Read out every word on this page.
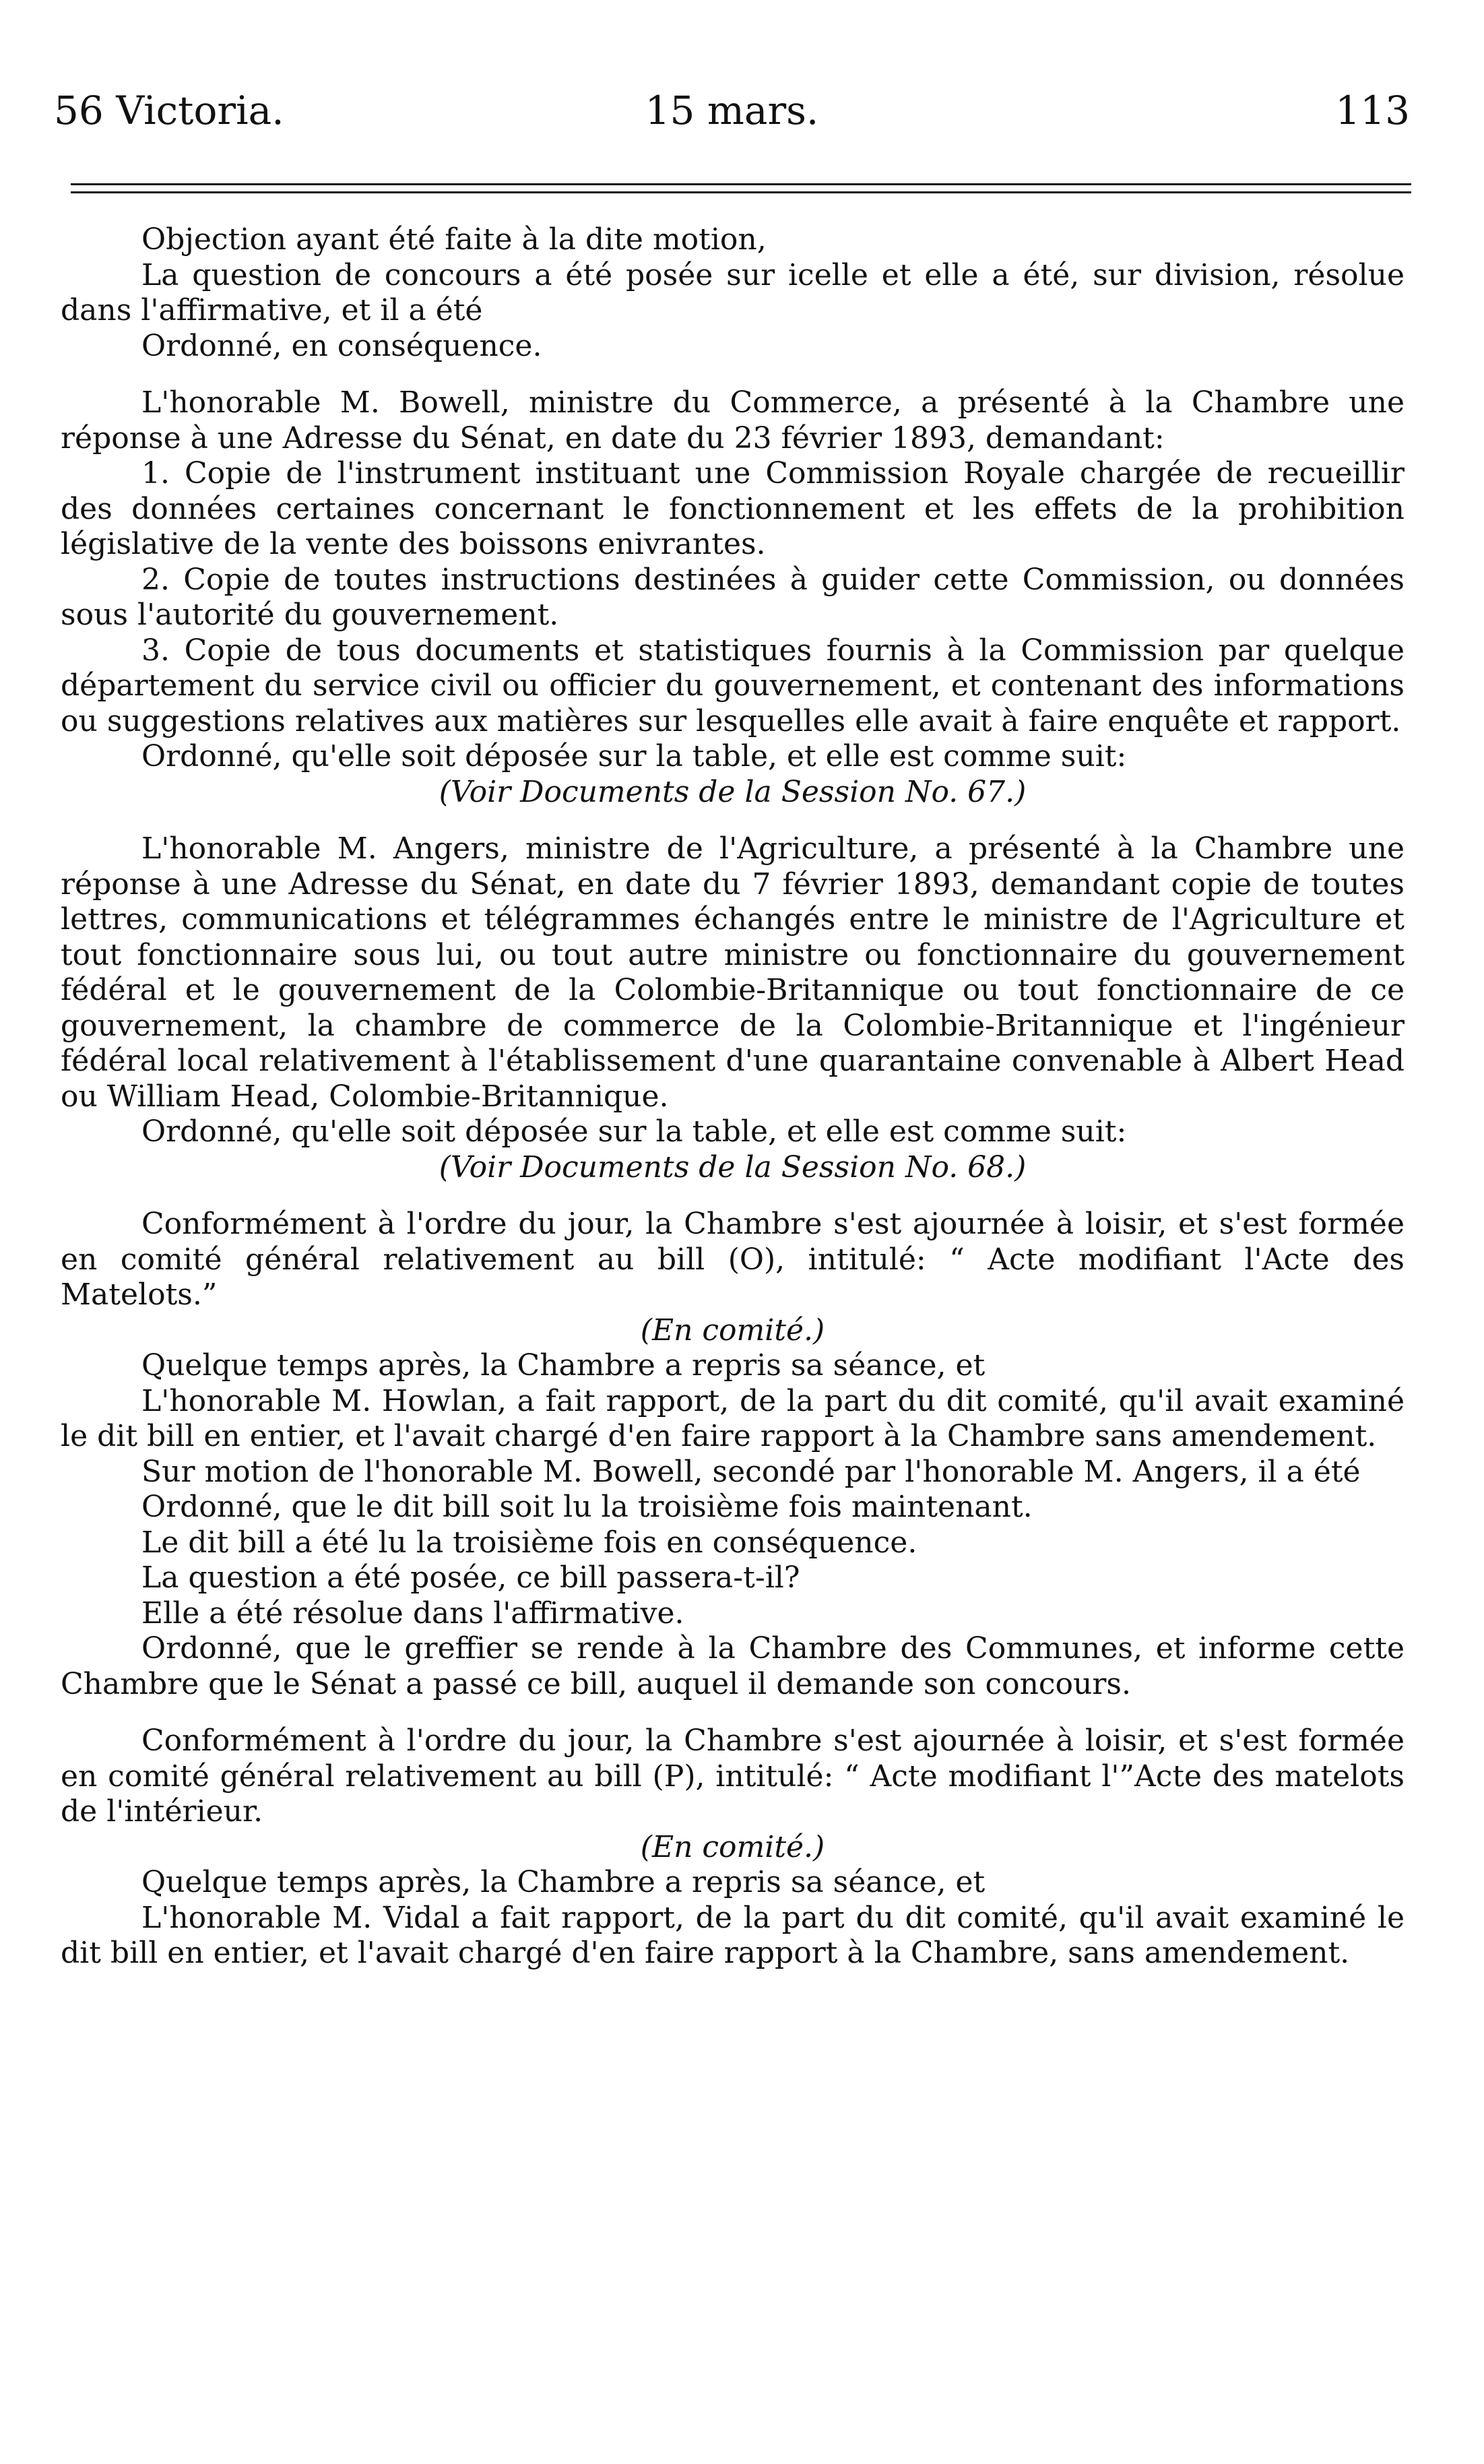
56 Victoria.	15 mars.	113

Objection ayant été faite à la dite motion,

La question de concours a été posée sur icelle et elle a été, sur division, résolue dans l'affirmative, et il a été

Ordonné, en conséquence.

L'honorable M. Bowell, ministre du Commerce, a présenté à la Chambre une réponse à une Adresse du Sénat, en date du 23 février 1893, demandant:

1. Copie de l'instrument instituant une Commission Royale chargée de recueillir des données certaines concernant le fonctionnement et les effets de la prohibition législative de la vente des boissons enivrantes.

2. Copie de toutes instructions destinées à guider cette Commission, ou données sous l'autorité du gouvernement.

3. Copie de tous documents et statistiques fournis à la Commission par quelque département du service civil ou officier du gouvernement, et contenant des informations ou suggestions relatives aux matières sur lesquelles elle avait à faire enquête et rapport.

Ordonné, qu'elle soit déposée sur la table, et elle est comme suit:

(Voir Documents de la Session No. 67.)

L'honorable M. Angers, ministre de l'Agriculture, a présenté à la Chambre une réponse à une Adresse du Sénat, en date du 7 février 1893, demandant copie de toutes lettres, communications et télégrammes échangés entre le ministre de l'Agriculture et tout fonctionnaire sous lui, ou tout autre ministre ou fonctionnaire du gouvernement fédéral et le gouvernement de la Colombie-Britannique ou tout fonctionnaire de ce gouvernement, la chambre de commerce de la Colombie-Britannique et l'ingénieur fédéral local relativement à l'établissement d'une quarantaine convenable à Albert Head ou William Head, Colombie-Britannique.

Ordonné, qu'elle soit déposée sur la table, et elle est comme suit:

(Voir Documents de la Session No. 68.)

Conformément à l'ordre du jour, la Chambre s'est ajournée à loisir, et s'est formée en comité général relativement au bill (O), intitulé: “ Acte modifiant l'Acte des Matelots.”

(En comité.)

Quelque temps après, la Chambre a repris sa séance, et

L'honorable M. Howlan, a fait rapport, de la part du dit comité, qu'il avait examiné le dit bill en entier, et l'avait chargé d'en faire rapport à la Chambre sans amendement.

Sur motion de l'honorable M. Bowell, secondé par l'honorable M. Angers, il a été

Ordonné, que le dit bill soit lu la troisième fois maintenant.

Le dit bill a été lu la troisième fois en conséquence.

La question a été posée, ce bill passera-t-il?

Elle a été résolue dans l'affirmative.

Ordonné, que le greffier se rende à la Chambre des Communes, et informe cette Chambre que le Sénat a passé ce bill, auquel il demande son concours.

Conformément à l'ordre du jour, la Chambre s'est ajournée à loisir, et s'est formée en comité général relativement au bill (P), intitulé: “ Acte modifiant l'”Acte des matelots de l'intérieur.

(En comité.)

Quelque temps après, la Chambre a repris sa séance, et

L'honorable M. Vidal a fait rapport, de la part du dit comité, qu'il avait examiné le dit bill en entier, et l'avait chargé d'en faire rapport à la Chambre, sans amendement.
